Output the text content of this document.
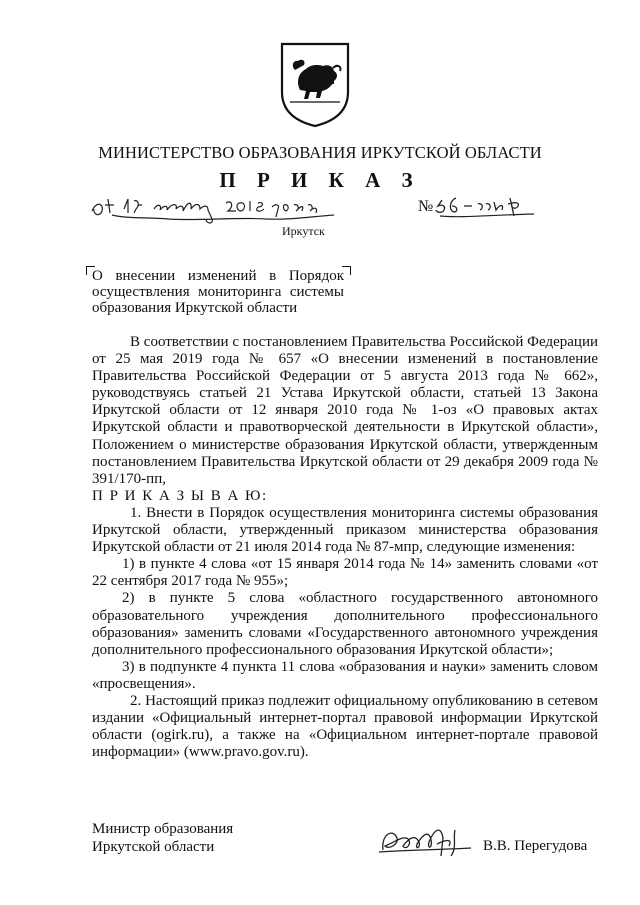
МИНИСТЕРСТВО ОБРАЗОВАНИЯ ИРКУТСКОЙ ОБЛАСТИ
П Р И К А З
№
Иркутск
О внесении изменений в Порядок
осуществления мониторинга системы
образования Иркутской области

В соответствии с постановлением Правительства Российской Федерации от 25 мая 2019 года № 657 «О внесении изменений в постановление Правительства Российской Федерации от 5 августа 2013 года № 662», руководствуясь статьей 21 Устава Иркутской области, статьей 13 Закона Иркутской области от 12 января 2010 года № 1-оз «О правовых актах Иркутской области и правотворческой деятельности в Иркутской области», Положением о министерстве образования Иркутской области, утвержденным постановлением Правительства Иркутской области от 29 декабря 2009 года № 391/170-пп,

П Р И К А З Ы В А Ю:

1. Внести в Порядок осуществления мониторинга системы образования Иркутской области, утвержденный приказом министерства образования Иркутской области от 21 июля 2014 года № 87-мпр, следующие изменения:

1) в пункте 4 слова «от 15 января 2014 года № 14» заменить словами «от 22 сентября 2017 года № 955»;

2) в пункте 5 слова «областного государственного автономного образовательного учреждения дополнительного профессионального образования» заменить словами «Государственного автономного учреждения дополнительного профессионального образования Иркутской области»;

3) в подпункте 4 пункта 11 слова «образования и науки» заменить словом «просвещения».

2. Настоящий приказ подлежит официальному опубликованию в сетевом издании «Официальный интернет-портал правовой информации Иркутской области (ogirk.ru), а также на «Официальном интернет-портале правовой информации» (www.pravo.gov.ru).

Министр образования
Иркутской области	В.В. Перегудова
